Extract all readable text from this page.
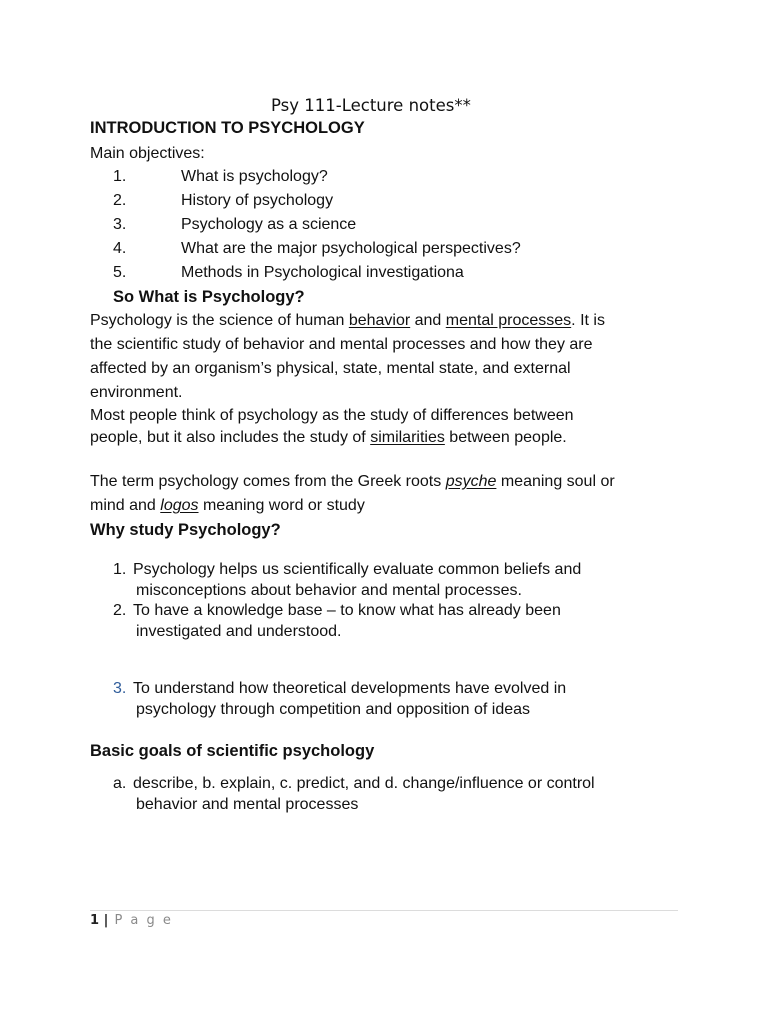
Psy 111-Lecture notes**
INTRODUCTION TO PSYCHOLOGY
Main objectives:
1.	What is psychology?
2.	History of psychology
3.	Psychology as a science
4.	What are the major psychological perspectives?
5.	Methods in Psychological investigationa
So What is Psychology?
Psychology is the science of human behavior and mental processes. It is
the scientific study of behavior and mental processes and how they are
affected by an organism’s physical, state, mental state, and external
environment.
Most people think of psychology as the study of differences between
people, but it also includes the study of similarities between people.
The term psychology comes from the Greek roots psyche meaning soul or
mind and logos meaning word or study
Why study Psychology?
1. Psychology helps us scientifically evaluate common beliefs and
misconceptions about behavior and mental processes.
2. To have a knowledge base – to know what has already been
investigated and understood.
3. To understand how theoretical developments have evolved in
psychology through competition and opposition of ideas
Basic goals of scientific psychology
a. describe, b. explain, c. predict, and d. change/influence or control
behavior and mental processes
1 | P a g e
